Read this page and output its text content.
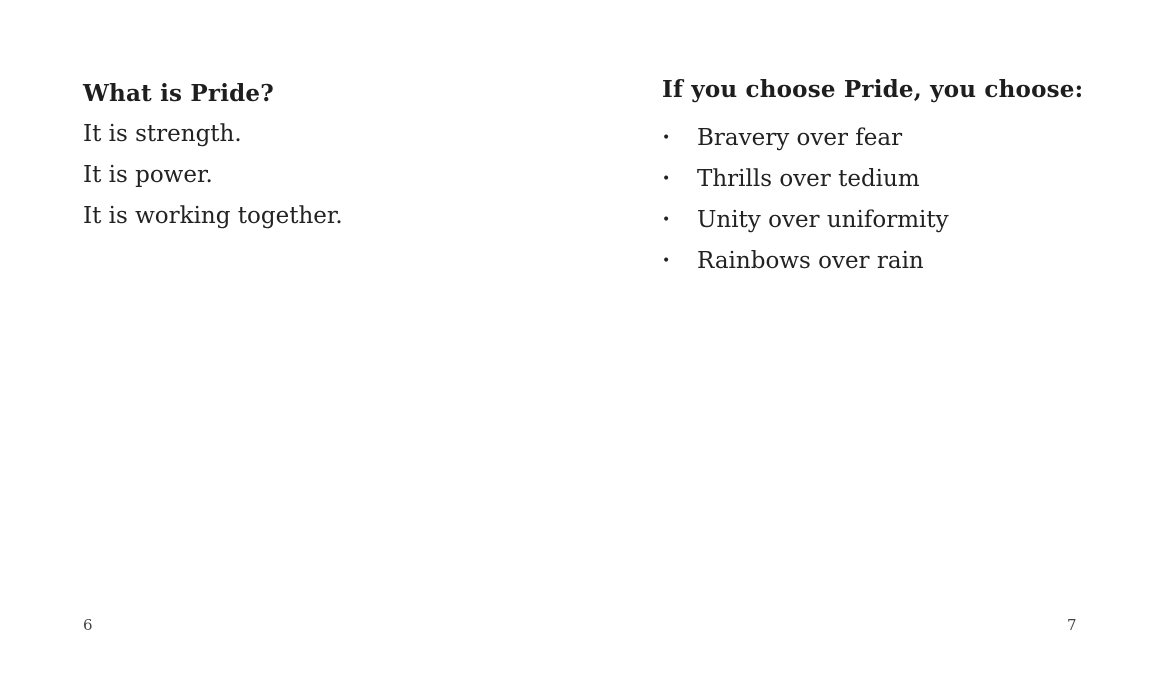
What is Pride?

It is strength.

It is power.

It is working together.

6

If you choose Pride, you choose:
•	Bravery over fear
•	Thrills over tedium
•	Unity over uniformity
•	Rainbows over rain

7
